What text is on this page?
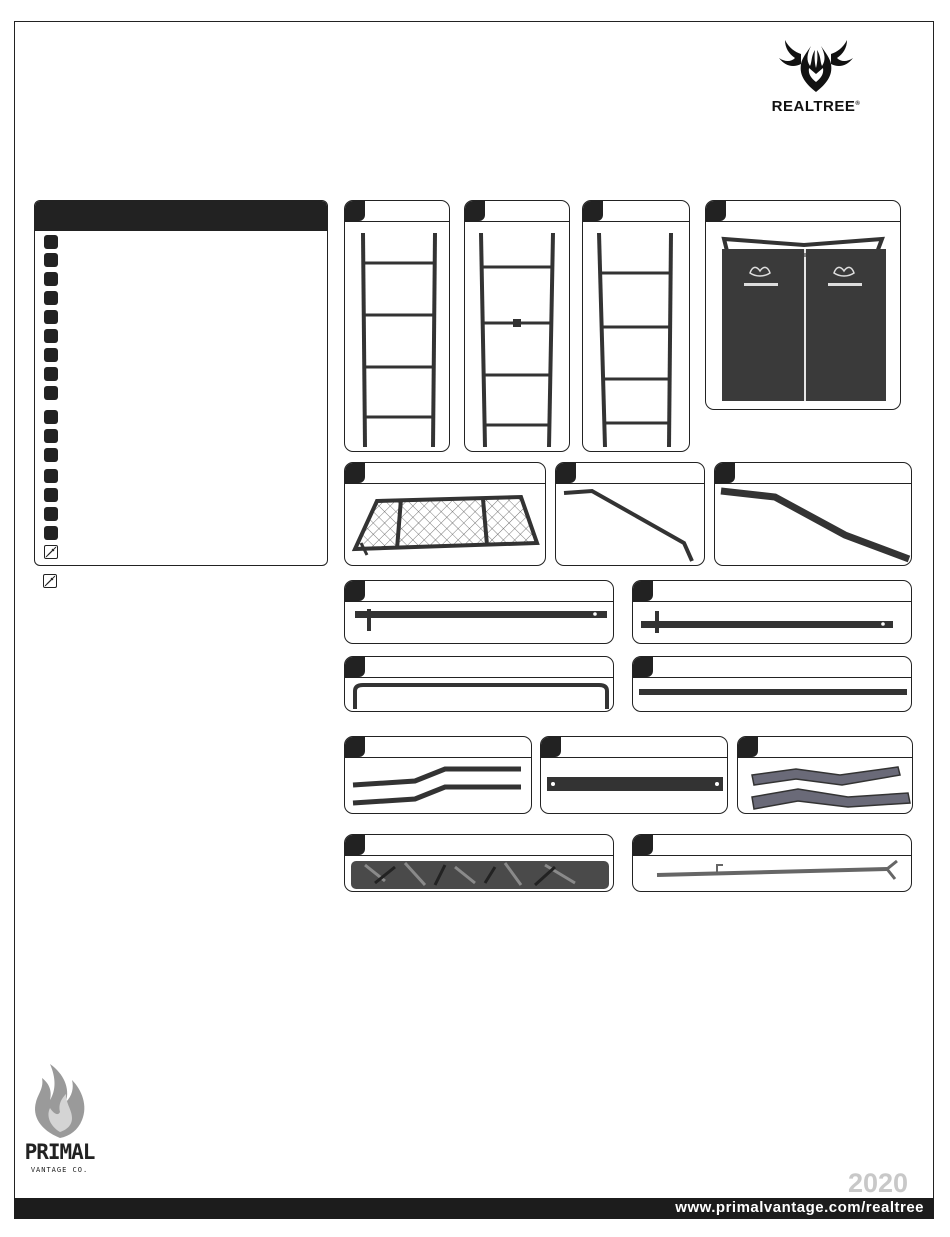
REALTREE®
PRIMAL
VANTAGE CO.	2020
www.primalvantage.com/realtree
